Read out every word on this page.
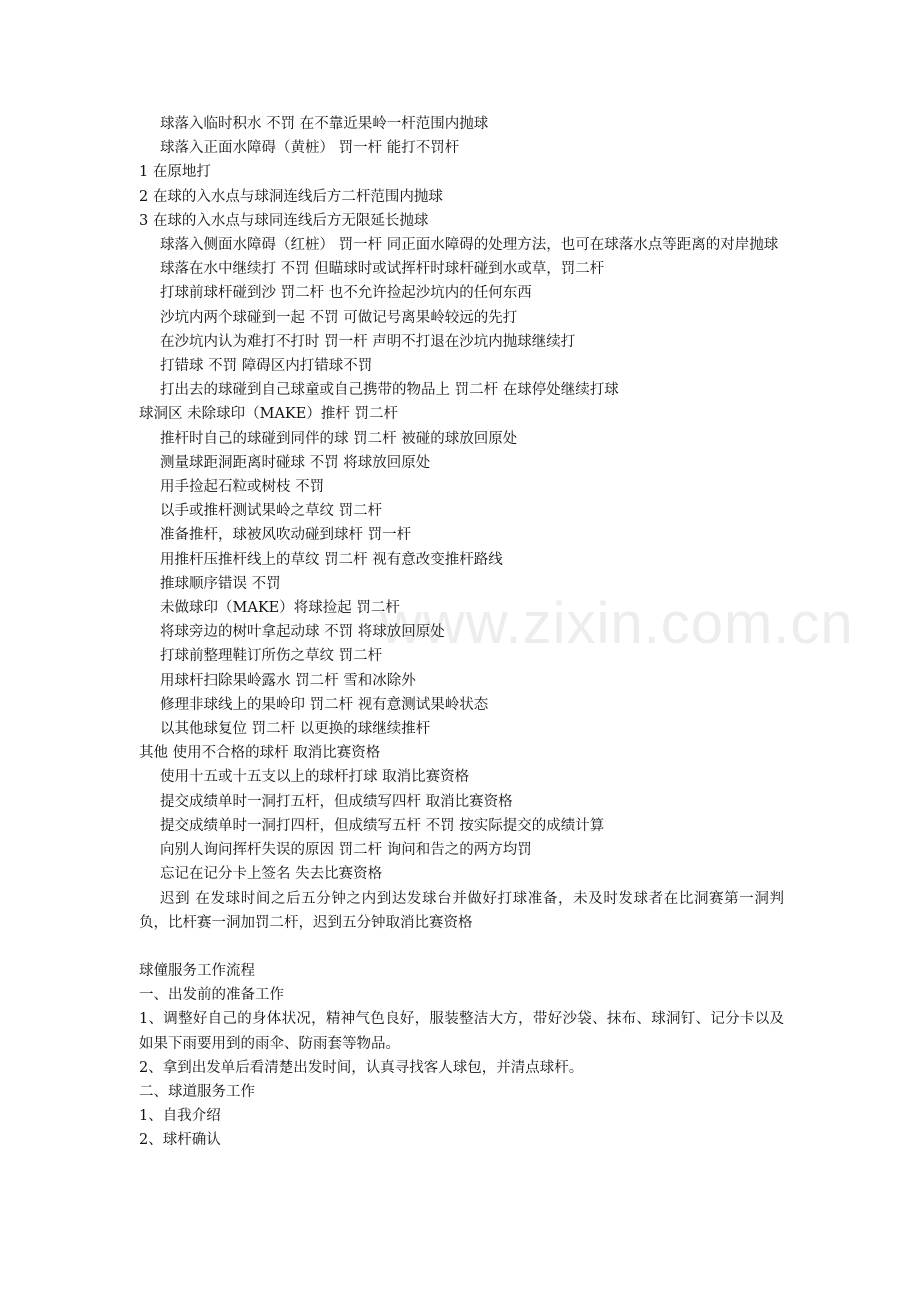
www.zixin.com.cn
球落入临时积水 不罚 在不靠近果岭一杆范围内抛球
球落入正面水障碍（黄桩） 罚一杆 能打不罚杆
1 在原地打
2 在球的入水点与球洞连线后方二杆范围内抛球
3 在球的入水点与球同连线后方无限延长抛球
球落入侧面水障碍（红桩） 罚一杆 同正面水障碍的处理方法，也可在球落水点等距离的对岸抛球
球落在水中继续打 不罚 但瞄球时或试挥杆时球杆碰到水或草，罚二杆
打球前球杆碰到沙 罚二杆 也不允许捡起沙坑内的任何东西
沙坑内两个球碰到一起 不罚 可做记号离果岭较远的先打
在沙坑内认为难打不打时 罚一杆 声明不打退在沙坑内抛球继续打
打错球 不罚 障碍区内打错球不罚
打出去的球碰到自己球童或自己携带的物品上 罚二杆 在球停处继续打球
球洞区 未除球印（MAKE）推杆 罚二杆
推杆时自己的球碰到同伴的球 罚二杆 被碰的球放回原处
测量球距洞距离时碰球 不罚 将球放回原处
用手捡起石粒或树枝 不罚
以手或推杆测试果岭之草纹 罚二杆
准备推杆，球被风吹动碰到球杆 罚一杆
用推杆压推杆线上的草纹 罚二杆 视有意改变推杆路线
推球顺序错误 不罚
未做球印（MAKE）将球捡起 罚二杆
将球旁边的树叶拿起动球 不罚 将球放回原处
打球前整理鞋订所伤之草纹 罚二杆
用球杆扫除果岭露水 罚二杆 雪和冰除外
修理非球线上的果岭印 罚二杆 视有意测试果岭状态
以其他球复位 罚二杆 以更换的球继续推杆
其他 使用不合格的球杆 取消比赛资格
使用十五或十五支以上的球杆打球 取消比赛资格
提交成绩单时一洞打五杆，但成绩写四杆 取消比赛资格
提交成绩单时一洞打四杆，但成绩写五杆 不罚 按实际提交的成绩计算
向别人询问挥杆失误的原因 罚二杆 询问和告之的两方均罚
忘记在记分卡上签名 失去比赛资格
迟到 在发球时间之后五分钟之内到达发球台并做好打球准备，未及时发球者在比洞赛第一洞判负，比杆赛一洞加罚二杆，迟到五分钟取消比赛资格
球僮服务工作流程
一、出发前的准备工作
1、调整好自己的身体状况，精神气色良好，服装整洁大方，带好沙袋、抹布、球洞钉、记分卡以及如果下雨要用到的雨伞、防雨套等物品。
2、拿到出发单后看清楚出发时间，认真寻找客人球包，并清点球杆。
二、球道服务工作
1、自我介绍
2、球杆确认
